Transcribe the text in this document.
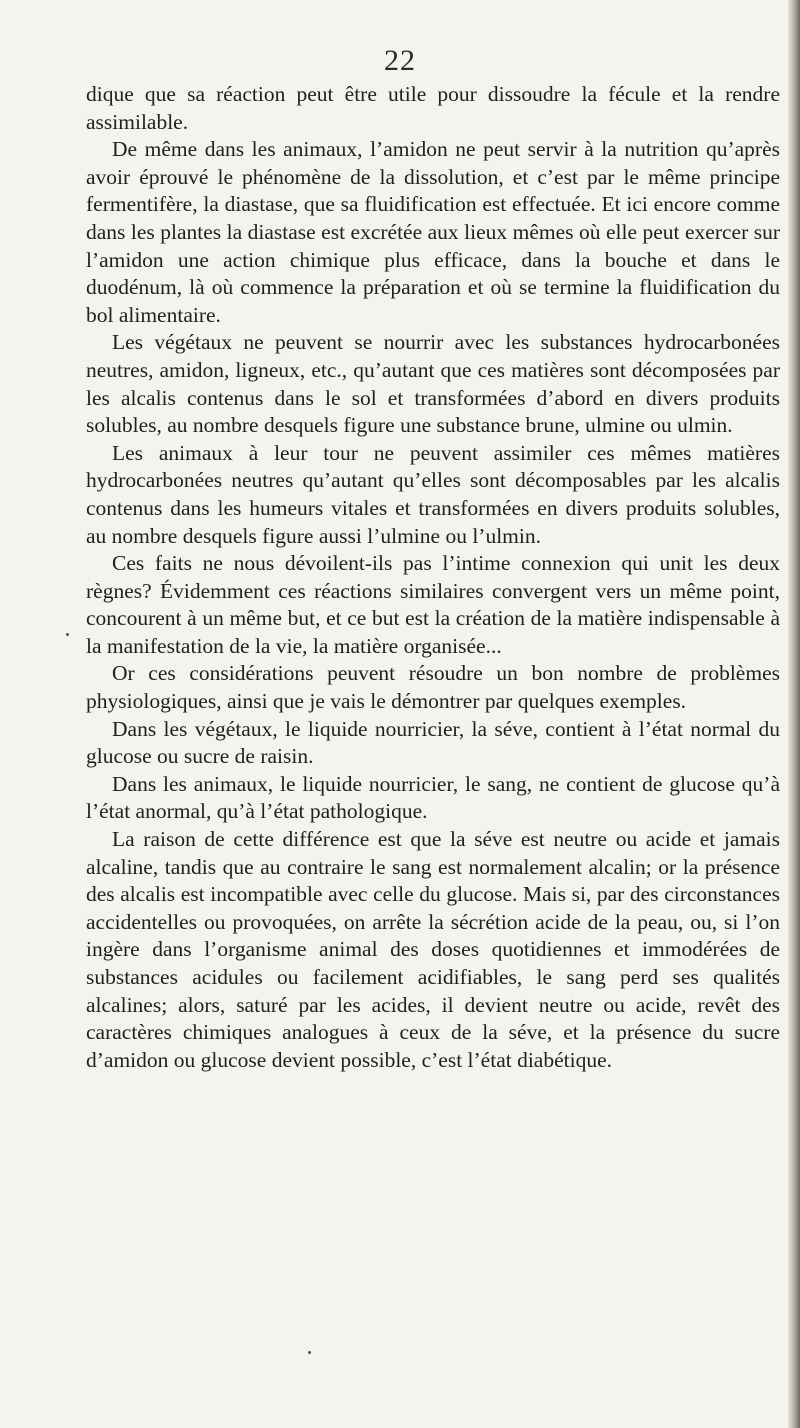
22

dique que sa réaction peut être utile pour dissoudre la fécule et la rendre assimilable.

De même dans les animaux, l’amidon ne peut servir à la nutrition qu’après avoir éprouvé le phénomène de la dissolution, et c’est par le même principe fermentifère, la diastase, que sa fluidification est effectuée. Et ici encore comme dans les plantes la diastase est excrétée aux lieux mêmes où elle peut exercer sur l’amidon une action chimique plus efficace, dans la bouche et dans le duodénum, là où commence la préparation et où se termine la fluidification du bol alimentaire.

Les végétaux ne peuvent se nourrir avec les substances hydrocarbonées neutres, amidon, ligneux, etc., qu’autant que ces matières sont décomposées par les alcalis contenus dans le sol et transformées d’abord en divers produits solubles, au nombre desquels figure une substance brune, ulmine ou ulmin.

Les animaux à leur tour ne peuvent assimiler ces mêmes matières hydrocarbonées neutres qu’autant qu’elles sont décomposables par les alcalis contenus dans les humeurs vitales et transformées en divers produits solubles, au nombre desquels figure aussi l’ulmine ou l’ulmin.

Ces faits ne nous dévoilent-ils pas l’intime connexion qui unit les deux règnes? Évidemment ces réactions similaires convergent vers un même point, concourent à un même but, et ce but est la création de la matière indispensable à la manifestation de la vie, la matière organisée...

Or ces considérations peuvent résoudre un bon nombre de problèmes physiologiques, ainsi que je vais le démontrer par quelques exemples.

Dans les végétaux, le liquide nourricier, la séve, contient à l’état normal du glucose ou sucre de raisin.

Dans les animaux, le liquide nourricier, le sang, ne contient de glucose qu’à l’état anormal, qu’à l’état pathologique.

La raison de cette différence est que la séve est neutre ou acide et jamais alcaline, tandis que au contraire le sang est normalement alcalin; or la présence des alcalis est incompatible avec celle du glucose. Mais si, par des circonstances accidentelles ou provoquées, on arrête la sécrétion acide de la peau, ou, si l’on ingère dans l’organisme animal des doses quotidiennes et immodérées de substances acidules ou facilement acidifiables, le sang perd ses qualités alcalines; alors, saturé par les acides, il devient neutre ou acide, revêt des caractères chimiques analogues à ceux de la séve, et la présence du sucre d’amidon ou glucose devient possible, c’est l’état diabétique.
